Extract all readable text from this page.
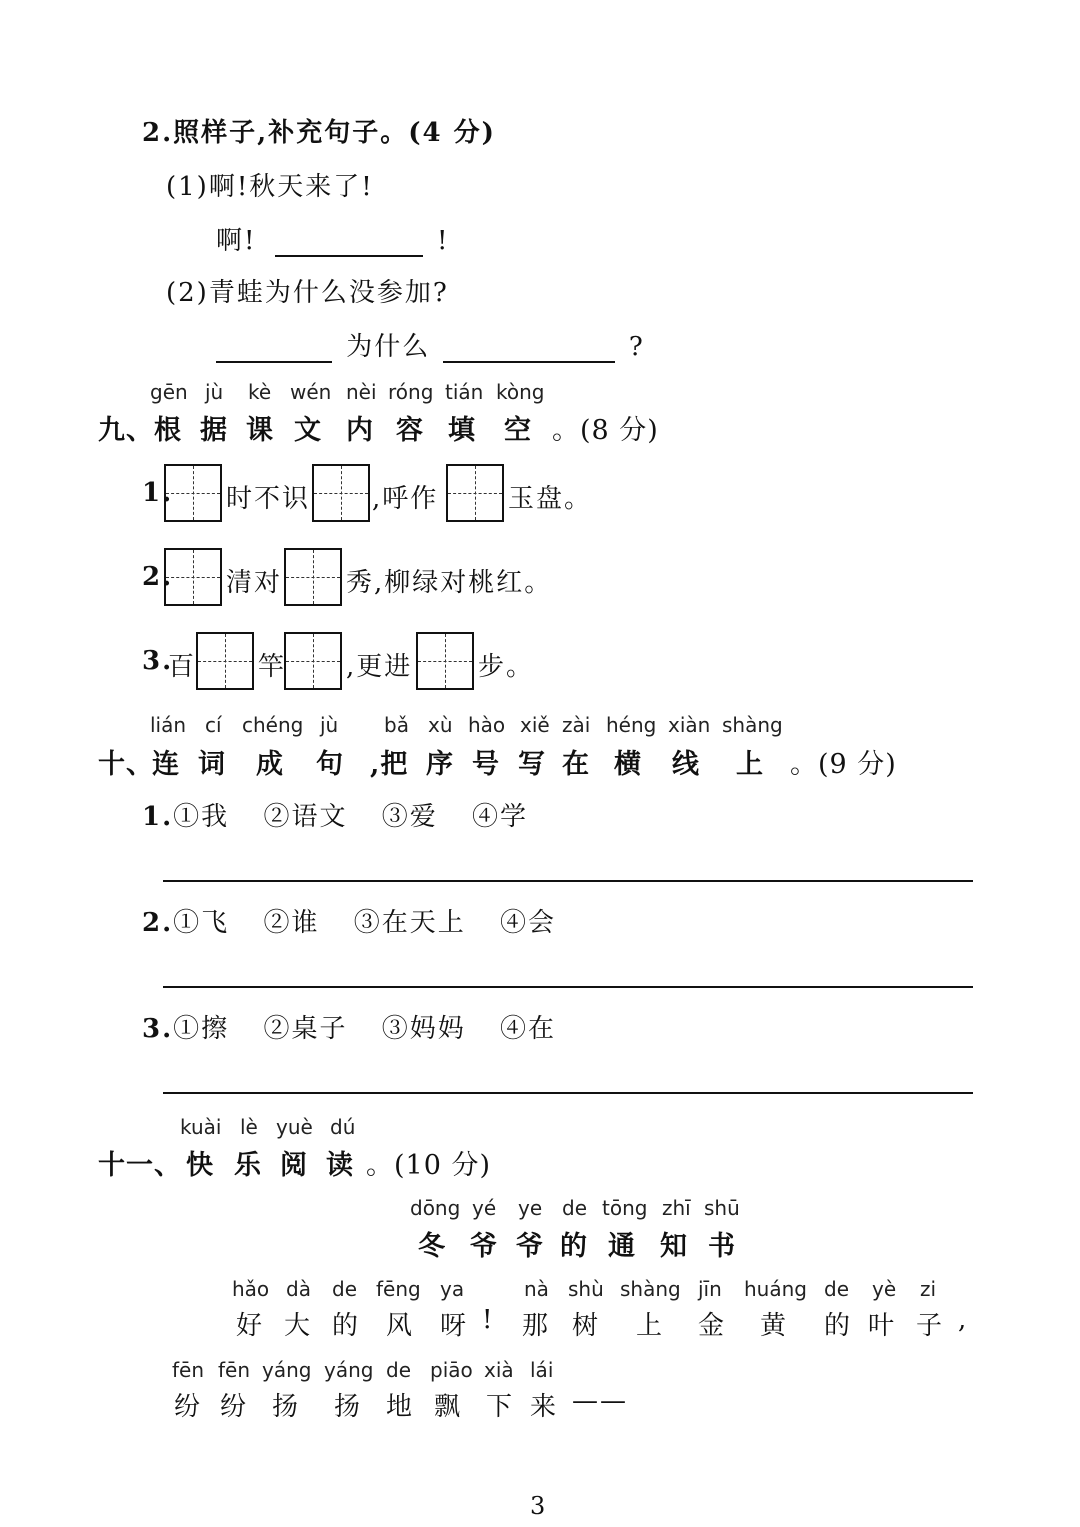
2.照样子,补充句子。(4 分)
(1)啊!秋天来了!
啊!	!
(2)青蛙为什么没参加?
为什么	?
gēn jù kè wén nèi róng tián kòng
九、 根 据 课 文 内 容 填 空 。(8 分)
1. 时不识 ,呼作	玉盘。
2. 清对 秀,柳绿对桃红。
3.
百 竿 ,更进	步。
lián cí chéng jù bǎ xù hào xiě zài héng xiàn shàng
十、
连 词 成 句 ,把 序 号 写 在 横 线 上 。(9 分)
1.①我 ②语文 ③爱 ④学
2.①飞 ②谁 ③在天上 ④会
3.①擦 ②桌子 ③妈妈 ④在
kuài lè yuè dú
十一、 快 乐 阅 读 。(10 分)
dōng yé ye de tōng zhī shū
冬 爷 爷 的 通 知 书
hǎo dà de fēng ya	nà shù shàng jīn huáng de yè zi
好 大 的 风 呀 ! 那 树 上 金 黄 的 叶 子 ,
fēn fēn yáng yáng de piāo xià lái
纷 纷 扬 扬 地 飘 下 来 ——
3
